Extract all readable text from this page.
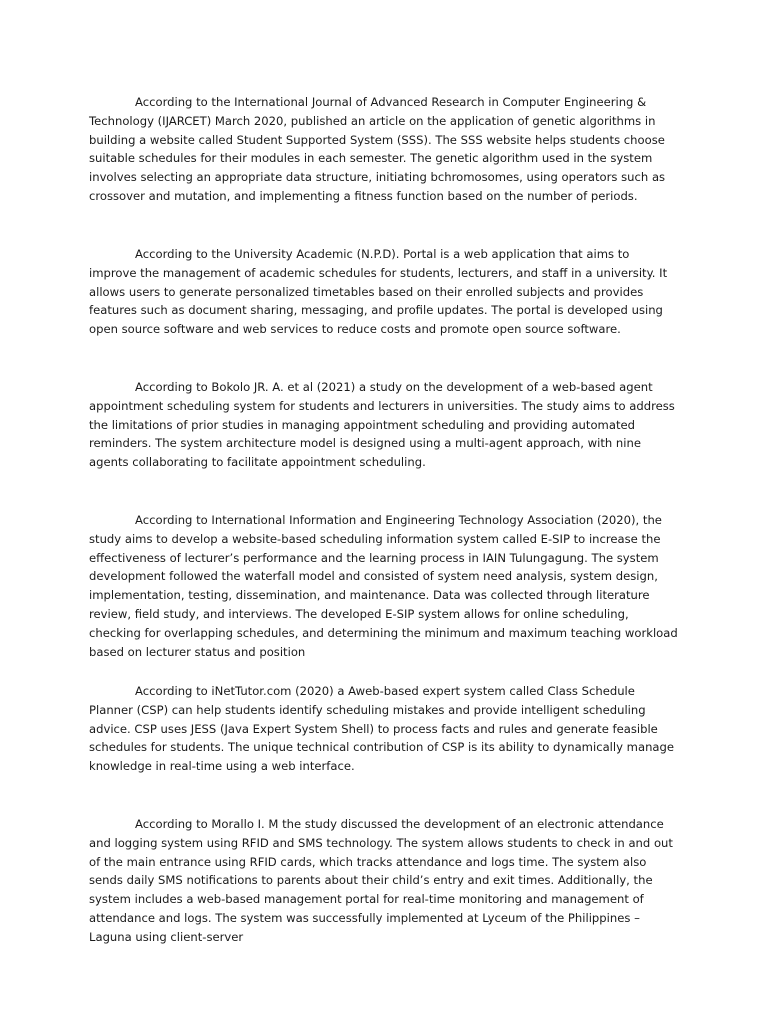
According to the International Journal of Advanced Research in Computer Engineering & Technology (IJARCET) March 2020, published an article on the application of genetic algorithms in building a website called Student Supported System (SSS). The SSS website helps students choose suitable schedules for their modules in each semester. The genetic algorithm used in the system involves selecting an appropriate data structure, initiating bchromosomes, using operators such as crossover and mutation, and implementing a fitness function based on the number of periods.

According to the University Academic (N.P.D). Portal is a web application that aims to improve the management of academic schedules for students, lecturers, and staff in a university. It allows users to generate personalized timetables based on their enrolled subjects and provides features such as document sharing, messaging, and profile updates. The portal is developed using open source software and web services to reduce costs and promote open source software.

According to Bokolo JR. A. et al (2021) a study on the development of a web-based agent appointment scheduling system for students and lecturers in universities. The study aims to address the limitations of prior studies in managing appointment scheduling and providing automated reminders. The system architecture model is designed using a multi-agent approach, with nine agents collaborating to facilitate appointment scheduling.

According to International Information and Engineering Technology Association (2020), the study aims to develop a website-based scheduling information system called E-SIP to increase the effectiveness of lecturer’s performance and the learning process in IAIN Tulungagung. The system development followed the waterfall model and consisted of system need analysis, system design, implementation, testing, dissemination, and maintenance. Data was collected through literature review, field study, and interviews. The developed E-SIP system allows for online scheduling, checking for overlapping schedules, and determining the minimum and maximum teaching workload based on lecturer status and position

According to iNetTutor.com (2020) a Aweb-based expert system called Class Schedule Planner (CSP) can help students identify scheduling mistakes and provide intelligent scheduling advice. CSP uses JESS (Java Expert System Shell) to process facts and rules and generate feasible schedules for students. The unique technical contribution of CSP is its ability to dynamically manage knowledge in real-time using a web interface.

According to Morallo I. M the study discussed the development of an electronic attendance and logging system using RFID and SMS technology. The system allows students to check in and out of the main entrance using RFID cards, which tracks attendance and logs time. The system also sends daily SMS notifications to parents about their child’s entry and exit times. Additionally, the system includes a web-based management portal for real-time monitoring and management of attendance and logs. The system was successfully implemented at Lyceum of the Philippines – Laguna using client-server
